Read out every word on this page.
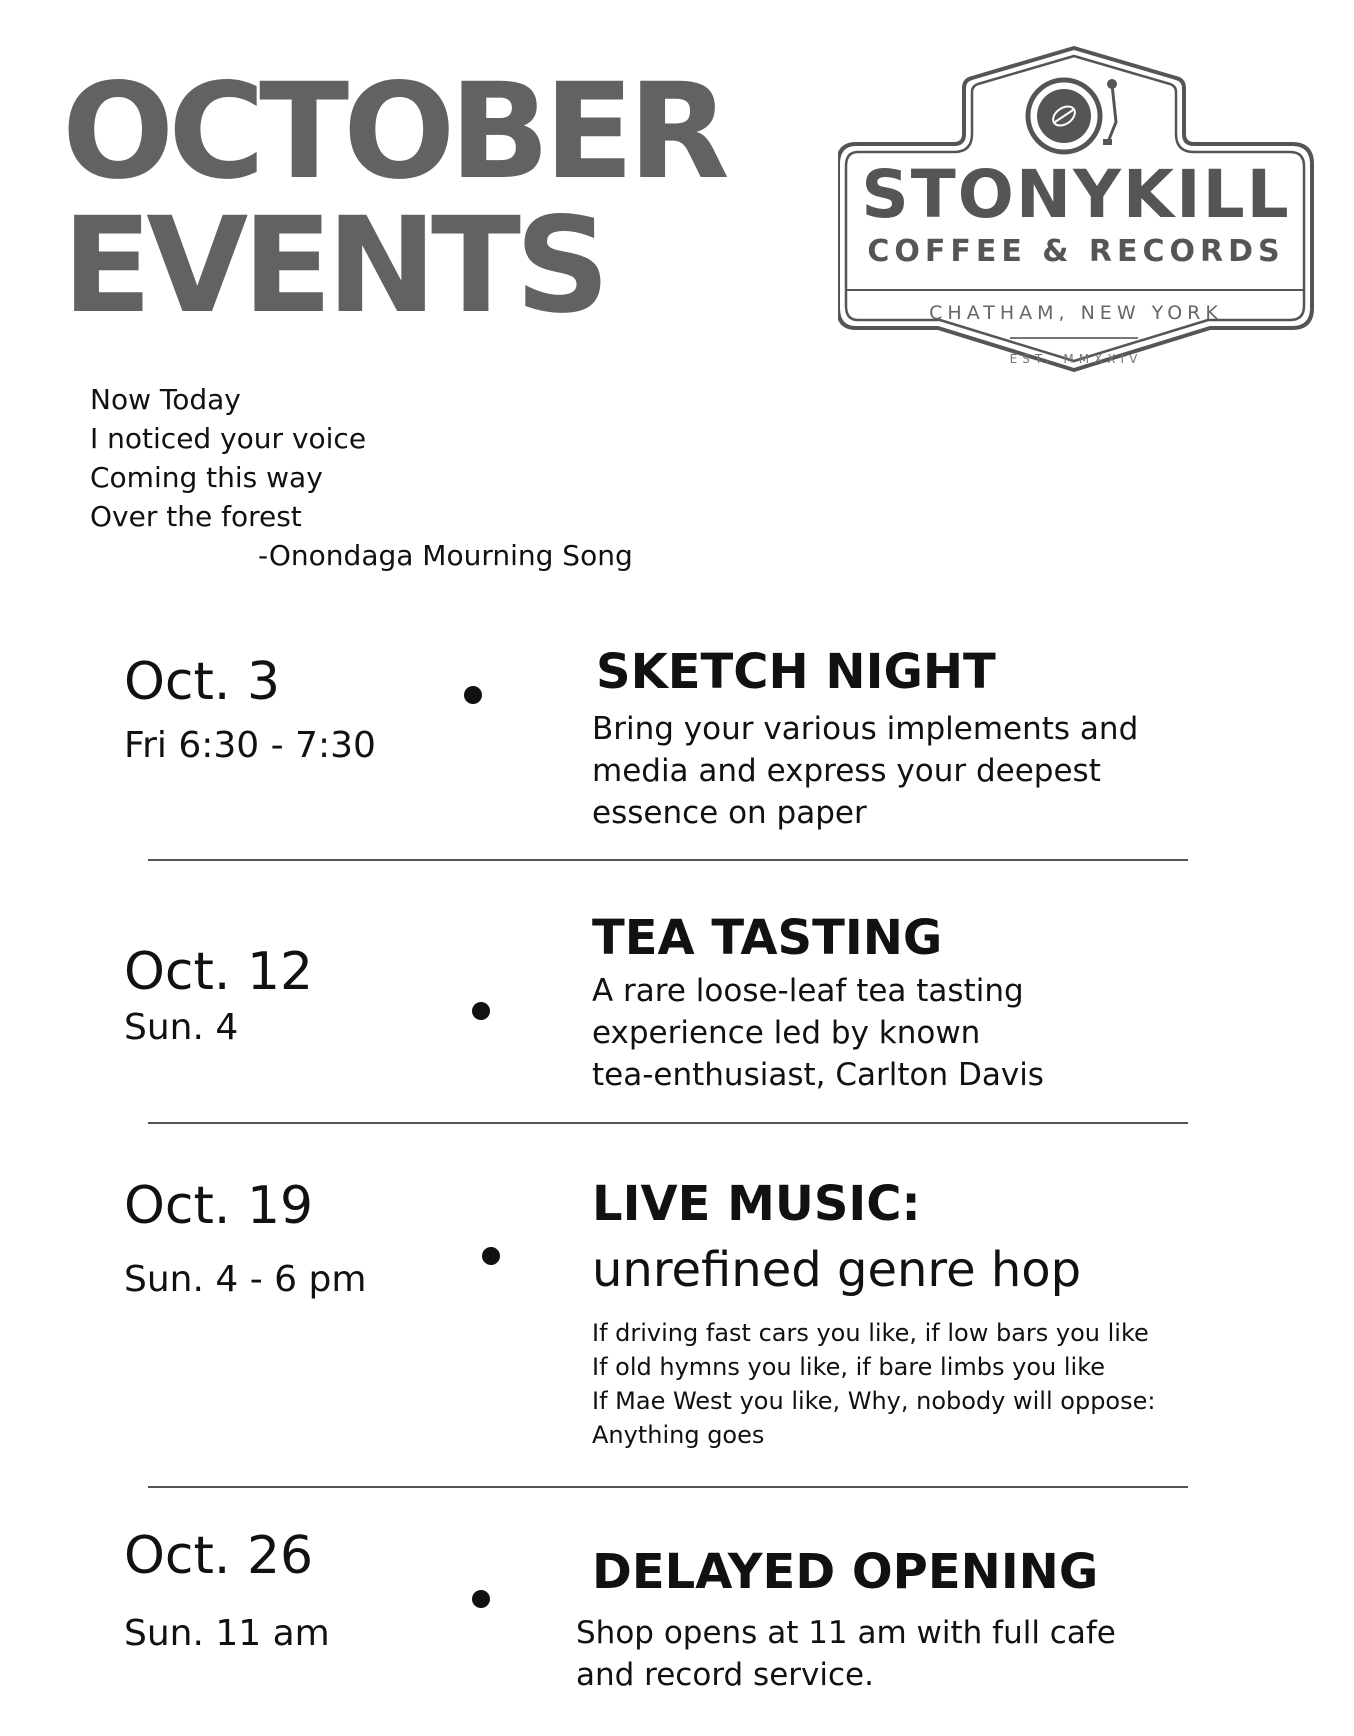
OCTOBER
EVENTS	STONYKILL
COFFEE & RECORDS
CHATHAM, NEW YORK
EST. MMXXIV
Now Today
I noticed your voice
Coming this way
Over the forest
-Onondaga Mourning Song
Oct. 3
Fri 6:30 - 7:30
SKETCH NIGHT
Bring your various implements and
media and express your deepest
essence on paper
Oct. 12
Sun. 4
TEA TASTING
A rare loose-leaf tea tasting
experience led by known
tea-enthusiast, Carlton Davis
Oct. 19
Sun. 4 - 6 pm
LIVE MUSIC:
unrefined genre hop
If driving fast cars you like, if low bars you like
If old hymns you like, if bare limbs you like
If Mae West you like, Why, nobody will oppose:
Anything goes
Oct. 26
Sun. 11 am
DELAYED OPENING
Shop opens at 11 am with full cafe
and record service.
